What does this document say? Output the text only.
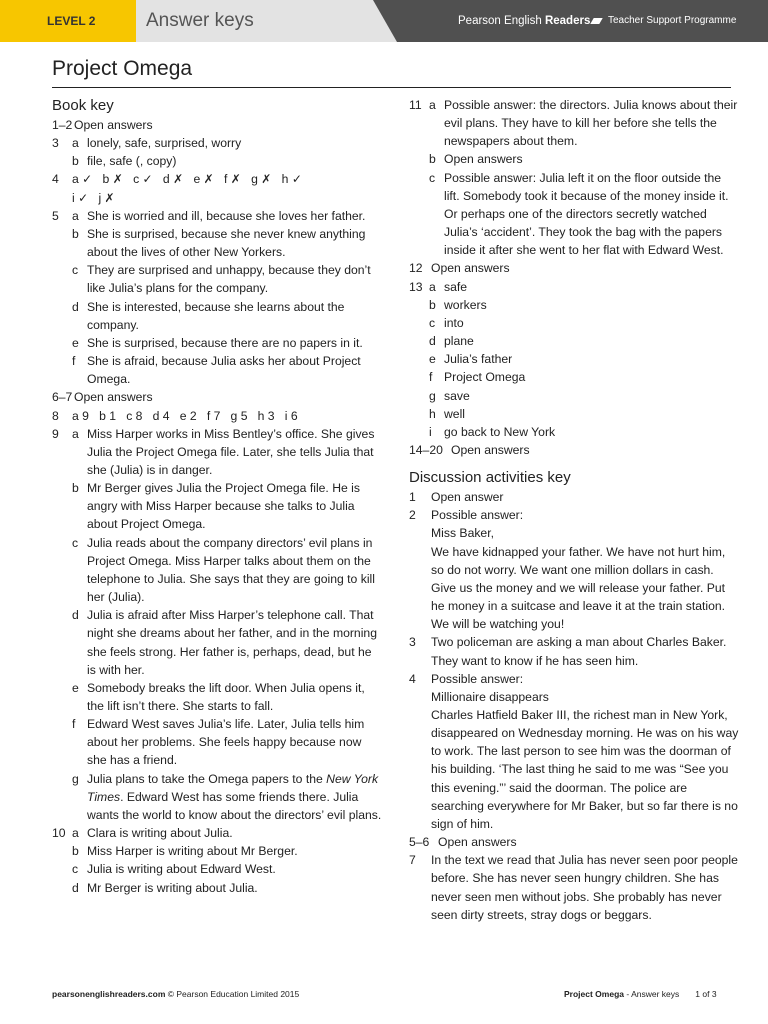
LEVEL 2	Answer keys	Pearson English Readers	Teacher Support Programme
Project Omega
Book key
1–2 Open answers
3 a lonely, safe, surprised, worry
b file, safe (, copy)
4 a ✓   b ✗   c ✓   d ✗   e ✗   f ✗   g ✗   h ✓
i ✓   j ✗
5 a She is worried and ill, because she loves her father.
b She is surprised, because she never knew anything about the lives of other New Yorkers.
c They are surprised and unhappy, because they don’t like Julia’s plans for the company.
d She is interested, because she learns about the company.
e She is surprised, because there are no papers in it.
f She is afraid, because Julia asks her about Project Omega.
6–7 Open answers
8 a 9   b 1   c 8   d 4   e 2   f 7   g 5   h 3   i 6
9 a Miss Harper works in Miss Bentley’s office. She gives Julia the Project Omega file. Later, she tells Julia that she (Julia) is in danger.
b Mr Berger gives Julia the Project Omega file. He is angry with Miss Harper because she talks to Julia about Project Omega.
c Julia reads about the company directors’ evil plans in Project Omega. Miss Harper talks about them on the telephone to Julia. She says that they are going to kill her (Julia).
d Julia is afraid after Miss Harper’s telephone call. That night she dreams about her father, and in the morning she feels strong. Her father is, perhaps, dead, but he is with her.
e Somebody breaks the lift door. When Julia opens it, the lift isn’t there. She starts to fall.
f Edward West saves Julia’s life. Later, Julia tells him about her problems. She feels happy because now she has a friend.
g Julia plans to take the Omega papers to the New York Times. Edward West has some friends there. Julia wants the world to know about the directors’ evil plans.
10 a Clara is writing about Julia.
b Miss Harper is writing about Mr Berger.
c Julia is writing about Edward West.
d Mr Berger is writing about Julia.
11 a Possible answer: the directors. Julia knows about their evil plans. They have to kill her before she tells the newspapers about them.
b Open answers
c Possible answer: Julia left it on the floor outside the lift. Somebody took it because of the money inside it. Or perhaps one of the directors secretly watched Julia’s ‘accident’. They took the bag with the papers inside it after she went to her flat with Edward West.
12 Open answers
13 a safe
b workers
c into
d plane
e Julia’s father
f Project Omega
g save
h well
i go back to New York
14–20 Open answers
Discussion activities key
1 Open answer
2 Possible answer:
Miss Baker,
We have kidnapped your father. We have not hurt him, so do not worry. We want one million dollars in cash. Give us the money and we will release your father. Put he money in a suitcase and leave it at the train station. We will be watching you!
3 Two policeman are asking a man about Charles Baker. They want to know if he has seen him.
4 Possible answer:
Millionaire disappears
Charles Hatfield Baker III, the richest man in New York, disappeared on Wednesday morning. He was on his way to work. The last person to see him was the doorman of his building. ‘The last thing he said to me was “See you this evening.”’ said the doorman. The police are searching everywhere for Mr Baker, but so far there is no sign of him.
5–6 Open answers
7 In the text we read that Julia has never seen poor people before. She has never seen hungry children. She has never seen men without jobs. She probably has never seen dirty streets, stray dogs or beggars.
pearsonenglishreaders.com © Pearson Education Limited 2015	Project Omega - Answer keys 1 of 3
